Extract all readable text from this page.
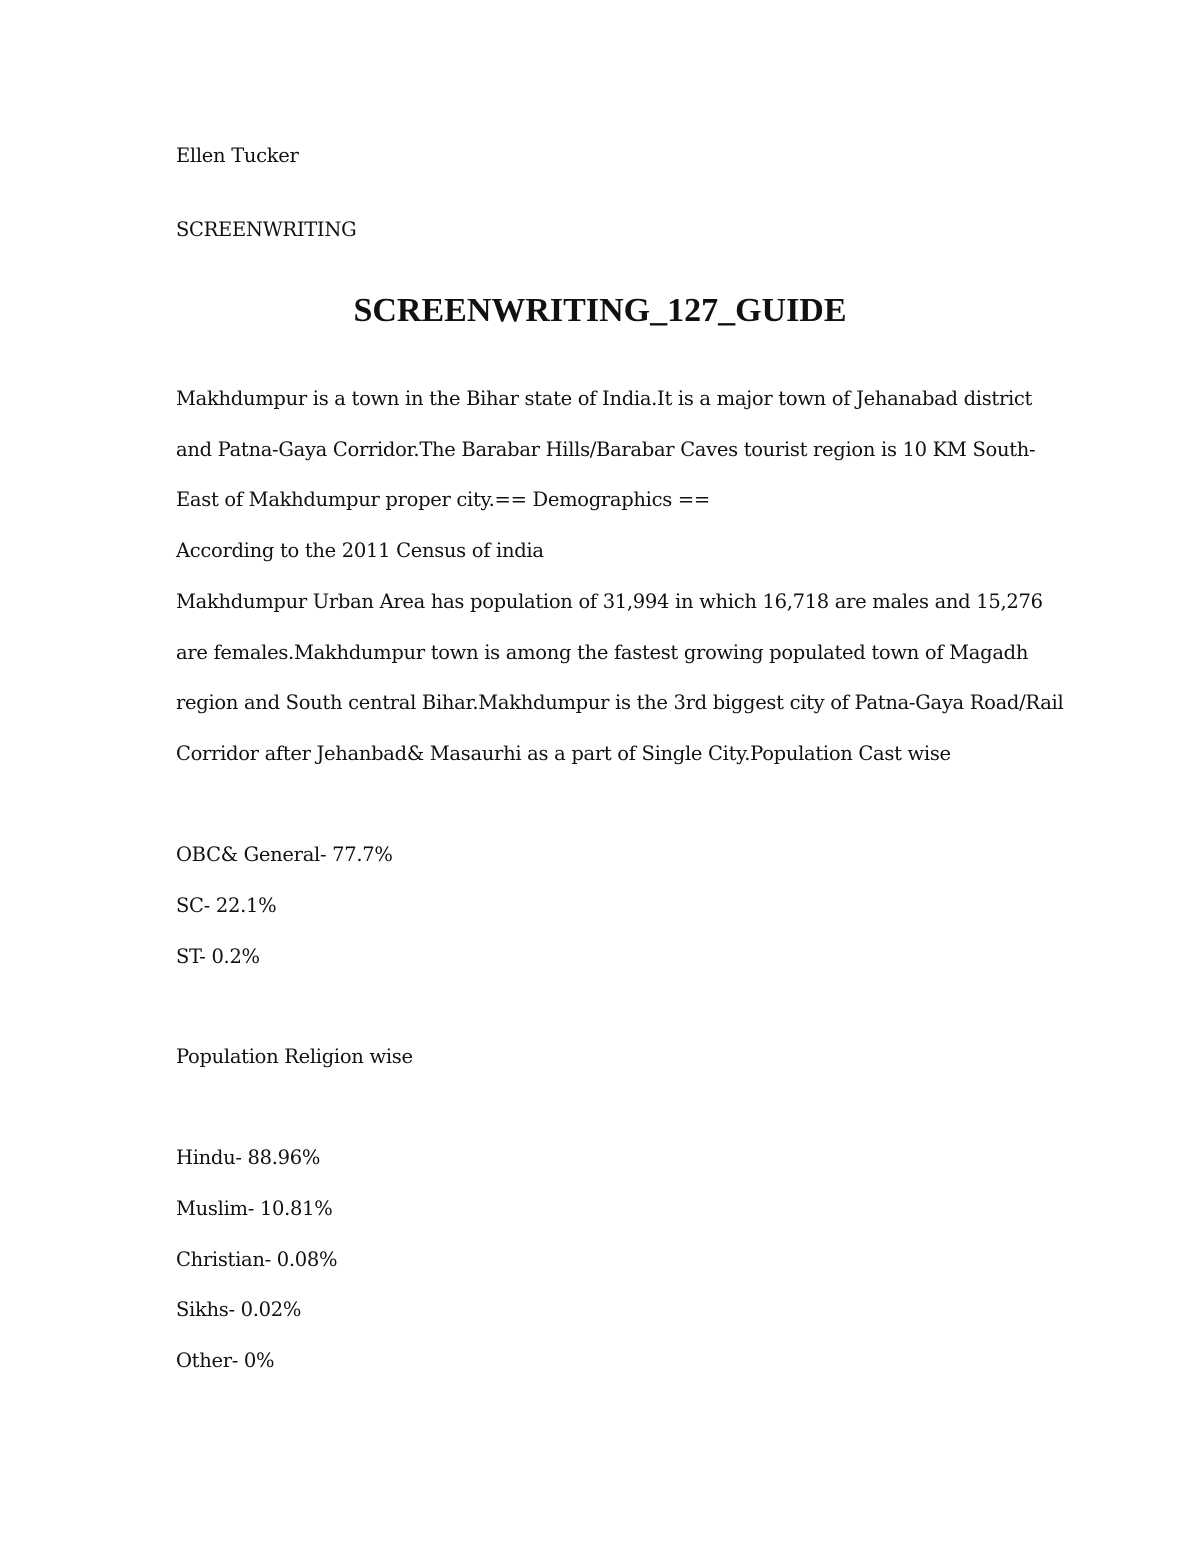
Ellen Tucker
SCREENWRITING
SCREENWRITING_127_GUIDE
Makhdumpur is a town in the Bihar state of India.It is a major town of Jehanabad district
and Patna-Gaya Corridor.The Barabar Hills/Barabar Caves tourist region is 10 KM South-
East of Makhdumpur proper city.== Demographics ==
According to the 2011 Census of india
Makhdumpur Urban Area has population of 31,994 in which 16,718 are males and 15,276
are females.Makhdumpur town is among the fastest growing populated town of Magadh
region and South central Bihar.Makhdumpur is the 3rd biggest city of Patna-Gaya Road/Rail
Corridor after Jehanbad& Masaurhi as a part of Single City.Population Cast wise
OBC& General- 77.7%
SC- 22.1%
ST- 0.2%
Population Religion wise
Hindu- 88.96%
Muslim- 10.81%
Christian- 0.08%
Sikhs- 0.02%
Other- 0%
